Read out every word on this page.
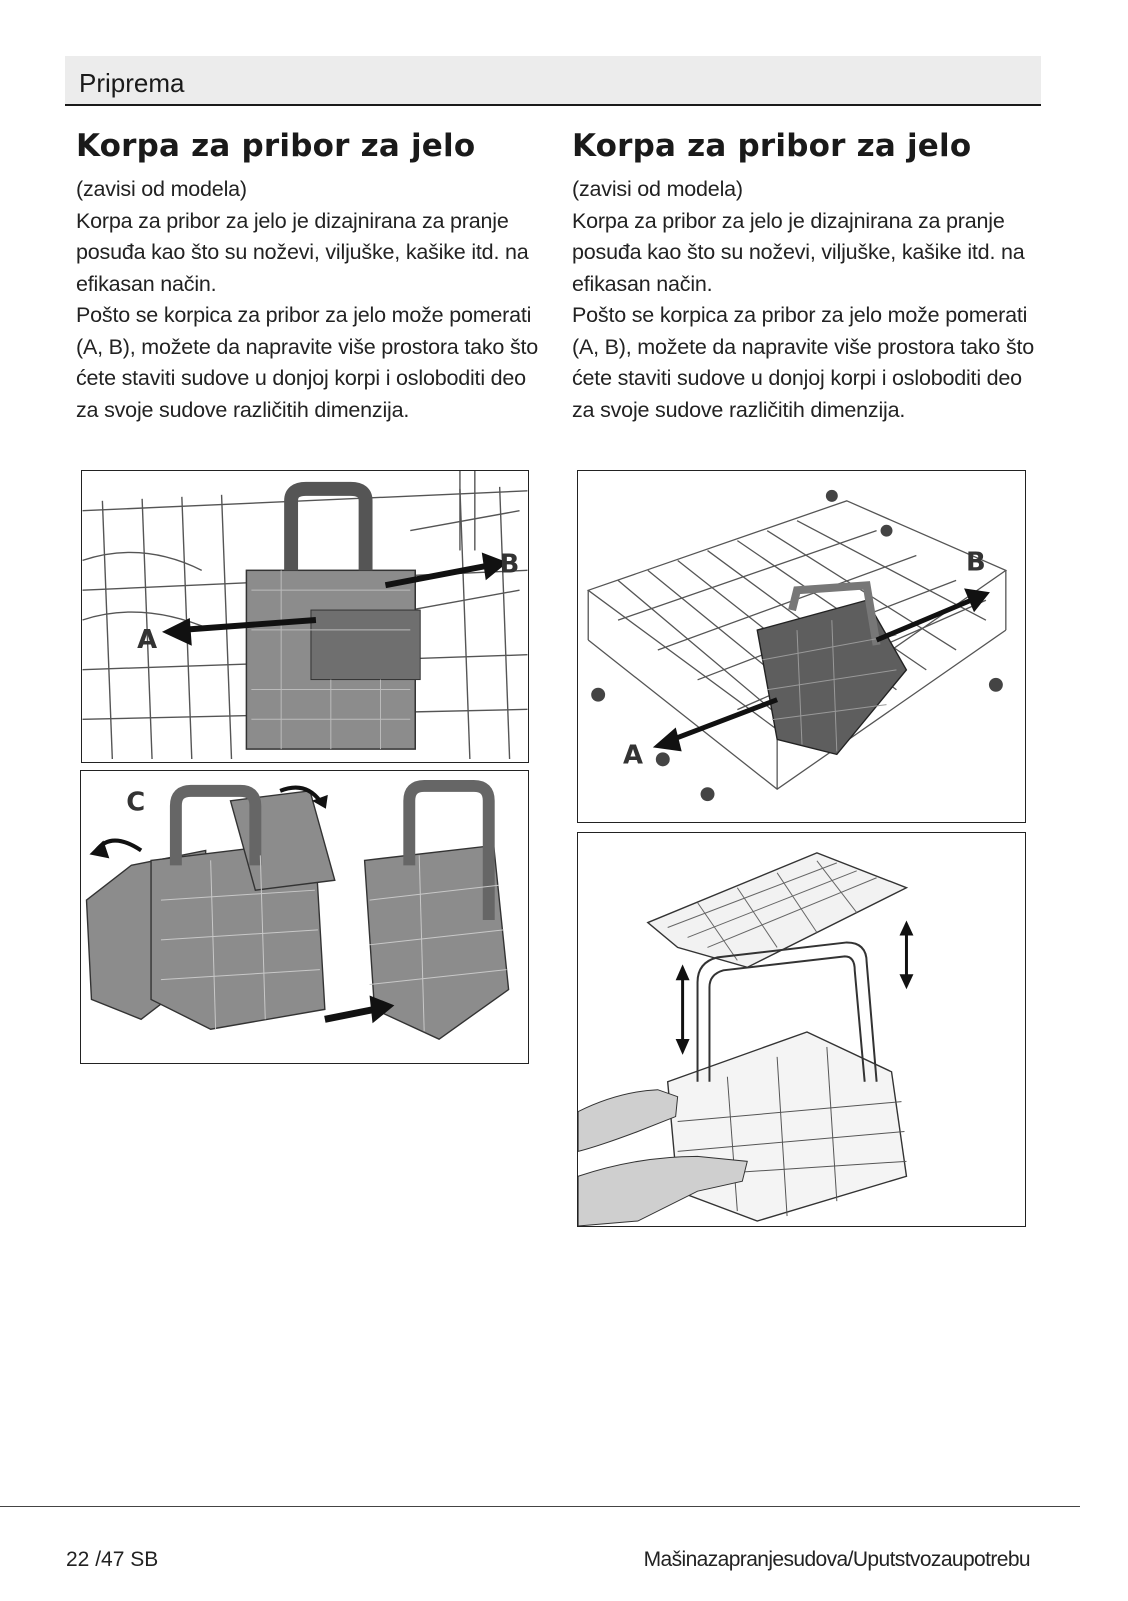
Priprema
Korpa za pribor za jelo

(zavisi od modela)

Korpa za pribor za jelo je dizajnirana za pranje posuđa kao što su noževi, viljuške, kašike itd. na efikasan način.

Pošto se korpica za pribor za jelo može pomerati (A, B), možete da napravite više prostora tako što ćete staviti sudove u donjoj korpi i osloboditi deo za svoje sudove različitih dimenzija.

Korpa za pribor za jelo

(zavisi od modela)

Korpa za pribor za jelo je dizajnirana za pranje posuđa kao što su noževi, viljuške, kašike itd. na efikasan način.

Pošto se korpica za pribor za jelo može pomerati (A, B), možete da napravite više prostora tako što ćete staviti sudove u donjoj korpi i osloboditi deo za svoje sudove različitih dimenzija.

A
B
C
A
B
22 /47 SB	Mašinazapranjesudova/Uputstvozaupotrebu
